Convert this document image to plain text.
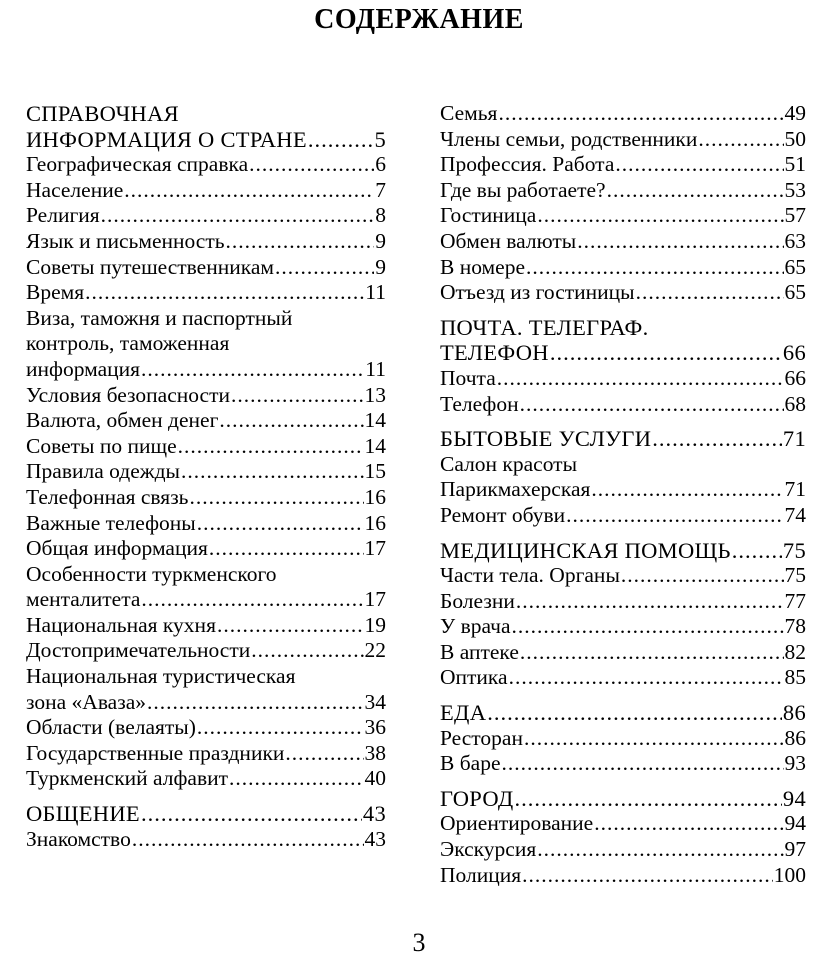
СОДЕРЖАНИЕ
СПРАВОЧНАЯ
ИНФОРМАЦИЯ О СТРАНЕ .....	5
Географическая справка .....	6
Население .....	7
Религия .....	8
Язык и письменность .....	9
Советы путешественникам .....	9
Время .....	11
Виза, таможня и паспортный
контроль, таможенная
информация .....	11
Условия безопасности .....	13
Валюта, обмен денег .....	14
Советы по пище .....	14
Правила одежды .....	15
Телефонная связь .....	16
Важные телефоны .....	16
Общая информация .....	17
Особенности туркменского
менталитета .....	17
Национальная кухня .....	19
Достопримечательности .....	22
Национальная туристическая
зона «Аваза» .....	34
Области (велаяты) .....	36
Государственные праздники .....	38
Туркменский алфавит .....	40
ОБЩЕНИЕ .....	43
Знакомство .....	43
Семья .....	49
Члены семьи, родственники .....	50
Профессия. Работа .....	51
Где вы работаете? .....	53
Гостиница .....	57
Обмен валюты .....	63
В номере .....	65
Отъезд из гостиницы .....	65
ПОЧТА. ТЕЛЕГРАФ.
ТЕЛЕФОН .....	66
Почта .....	66
Телефон .....	68
БЫТОВЫЕ УСЛУГИ .....	71
Салон красоты
Парикмахерская .....	71
Ремонт обуви .....	74
МЕДИЦИНСКАЯ ПОМОЩЬ ..... 75
Части тела. Органы .....	75
Болезни .....	77
У врача .....	78
В аптеке .....	82
Оптика .....	85
ЕДА .....	86
Ресторан .....	86
В баре .....	93
ГОРОД .....	94
Ориентирование .....	94
Экскурсия .....	97
Полиция .....	100
3
